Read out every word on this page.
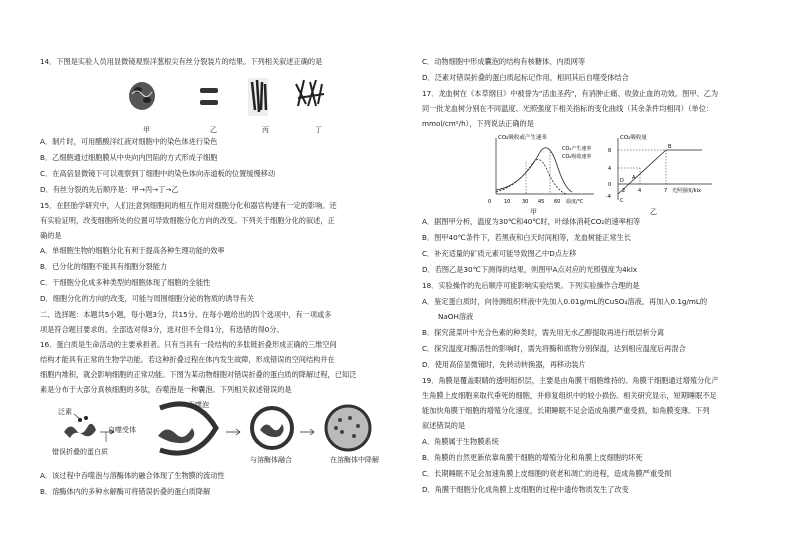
14．下图是实验人员用显微镜观察洋葱根尖有丝分裂装片的结果。下列相关叙述正确的是
甲	乙	丙	丁
A．制片时，可用醋酸洋红液对细胞中的染色体进行染色
B．乙细胞通过细胞膜从中央向内凹陷的方式形成子细胞
C．在高倍显微镜下可以观察到丁细胞中的染色体向赤道板的位置缓慢移动
D．有丝分裂的先后顺序是：甲→丙→丁→乙
15．在胚胎学研究中，人们注意到细胞间的相互作用对细胞分化和器官构建有一定的影响。还
有实验证明，改变细胞所处的位置可导致细胞分化方向的改变。下列关于细胞分化的叙述，正
确的是
A．单细胞生物的细胞分化有利于提高各种生理功能的效率
B．已分化的细胞不能具有细胞分裂能力
C．干细胞分化成多种类型的细胞体现了细胞的全能性
D．细胞分化的方向的改变，可能与周围细胞分泌的物质的诱导有关
二、选择题：本题共5小题，每小题3分，共15分。在每小题给出的四个选项中，有一项或多
项是符合题目要求的。全部选对得3分，选对但不全得1分，有选错的得0分。
16．蛋白质是生命活动的主要承担者。只有当具有一段结构的多肽链折叠形成正确的三维空间
结构才能具有正常的生物学功能。若这种折叠过程在体内发生故障，形成错误的空间结构并在
细胞内堆积，就会影响细胞的正常功能。下图为某动物细胞对错误折叠的蛋白质的降解过程，已知泛
素是分布于大部分真核细胞的多肽，吞噬泡是一种囊泡。下列相关叙述错误的是
泛素
自噬受体
吞噬泡
错误折叠的蛋白质
与溶酶体融合	在溶酶体中降解
A．该过程中吞噬泡与溶酶体的融合体现了生物膜的流动性
B．溶酶体内的多种水解酶可将错误折叠的蛋白质降解
C．动物细胞中形成囊泡的结构有核糖体、内质网等
D．泛素对错误折叠的蛋白质起标记作用，相同其后自噬受体结合
17．龙血树在《本草纲目》中被誉为"活血圣药"，有消肿止痛、收敛止血的功效。图甲、乙为
同一批龙血树分别在不同温度、光照强度下相关指标的变化曲线（其余条件均相同）（单位：
mmol/cm²/h），下列说法正确的是
0	10 30 45 60 温度/℃
CO₂吸收或产生速率
CO₂产生速率
CO₂吸收速率
甲
8
4
0
-4
2	4	7 光照强度/klx
CO₂吸收量
A
B
C
D
乙
A．据图甲分析，温度为30℃和40℃时，叶绿体消耗CO₂的速率相等
B．图甲40℃条件下，若黑夜和白天时间相等，龙血树能正常生长
C．补充适量的矿质元素可能导致图乙中D点左移
D．若图乙是30℃下测得的结果，则图甲A点对应的光照强度为4klx
18．实验操作的先后顺序可能影响实验结果。下列实验操作合理的是
A．鉴定蛋白质时，向待测组织样液中先加入0.01g/mL的CuSO₄溶液，再加入0.1g/mL的
NaOH溶液
B．探究菠菜叶中光合色素的种类时，需先用无水乙醇提取再进行纸层析分离
C．探究温度对酶活性的影响时，需先将酶和底物分别保温，达到相应温度后再混合
D．使用高倍显微镜时，先转动转换器，再移动装片
19．角膜是覆盖眼睛的透明组织层，主要是由角膜干细胞维持的。角膜干细胞通过增殖分化产
生角膜上皮细胞来取代垂死的细胞，并修复组织中的较小损伤。相关研究显示，短期睡眠不足
能加快角膜干细胞的增殖分化速度，长期睡眠不足会造成角膜严重受损，如角膜变薄。下列
叙述错误的是
A．角膜属于生物膜系统
B．角膜的自然更新依靠角膜干细胞的增殖分化和角膜上皮细胞的坏死
C．长期睡眠不足会加速角膜上皮细胞的衰老和凋亡的进程，造成角膜严重受损
D．角膜干细胞分化成角膜上皮细胞的过程中遗传物质发生了改变
